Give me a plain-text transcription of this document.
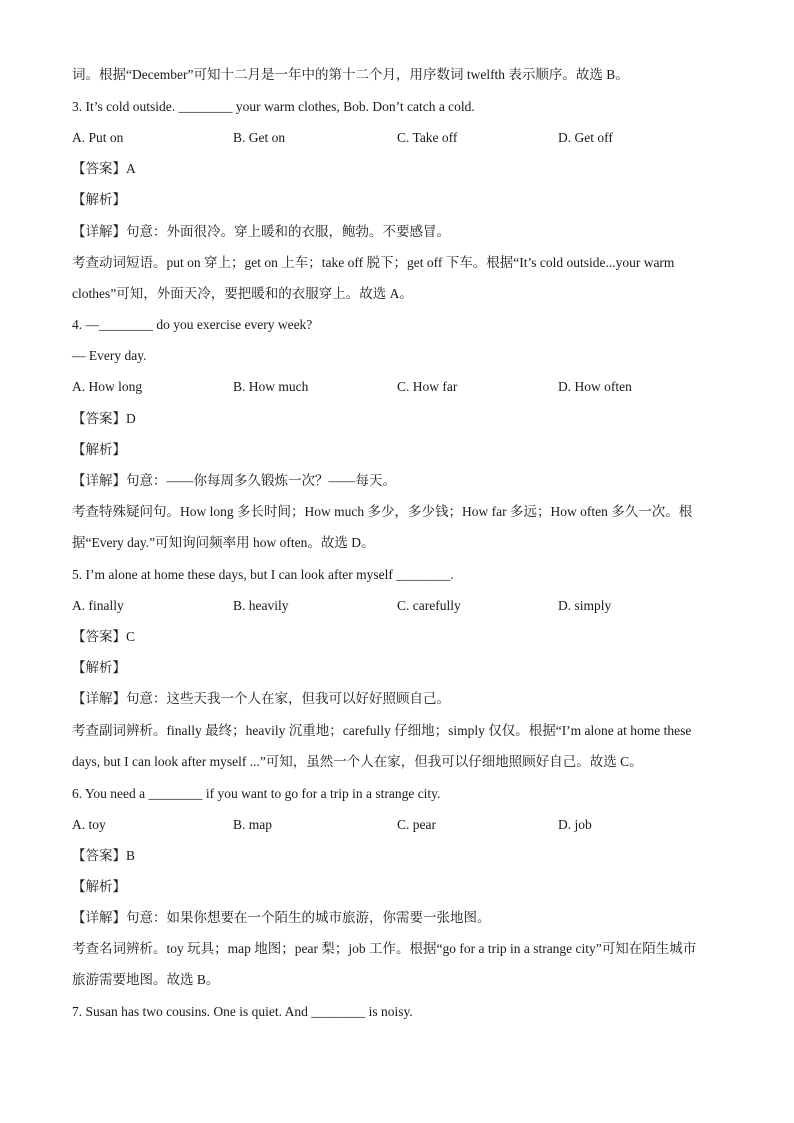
词。根据“December”可知十二月是一年中的第十二个月，用序数词 twelfth 表示顺序。故选 B。
3. It’s cold outside. ________ your warm clothes, Bob. Don’t catch a cold.
A. Put on	B. Get on	C. Take off	D. Get off
【答案】A
【解析】
【详解】句意：外面很冷。穿上暖和的衣服，鲍勃。不要感冒。
考查动词短语。put on 穿上；get on 上车；take off 脱下；get off 下车。根据“It’s cold outside...your warm
clothes”可知，外面天冷，要把暖和的衣服穿上。故选 A。
4. —________ do you exercise every week?
— Every day.
A. How long	B. How much	C. How far	D. How often
【答案】D
【解析】
【详解】句意：——你每周多久锻炼一次？——每天。
考查特殊疑问句。How long 多长时间；How much 多少，多少钱；How far 多远；How often 多久一次。根
据“Every day.”可知询问频率用 how often。故选 D。
5. I’m alone at home these days, but I can look after myself ________.
A. finally	B. heavily	C. carefully	D. simply
【答案】C
【解析】
【详解】句意：这些天我一个人在家，但我可以好好照顾自己。
考查副词辨析。finally 最终；heavily 沉重地；carefully 仔细地；simply 仅仅。根据“I’m alone at home these
days, but I can look after myself ...”可知，虽然一个人在家，但我可以仔细地照顾好自己。故选 C。
6. You need a ________ if you want to go for a trip in a strange city.
A. toy	B. map	C. pear	D. job
【答案】B
【解析】
【详解】句意：如果你想要在一个陌生的城市旅游，你需要一张地图。
考查名词辨析。toy 玩具；map 地图；pear 梨；job 工作。根据“go for a trip in a strange city”可知在陌生城市
旅游需要地图。故选 B。
7. Susan has two cousins. One is quiet. And ________ is noisy.
